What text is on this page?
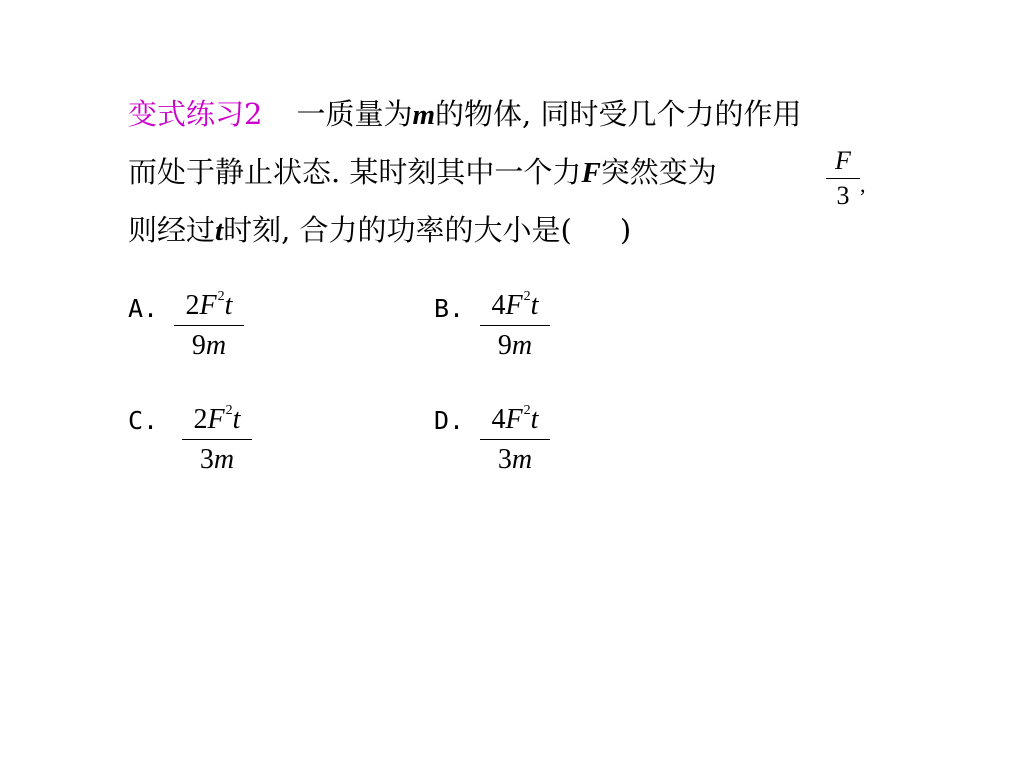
变式练习2 一质量为m的物体, 同时受几个力的作用
而处于静止状态. 某时刻其中一个力F突然变为	F
3 ,
则经过t时刻, 合力的功率的大小是( )
A. $2F^2t$
9m
B. $4F^2t$
9m
C.	$2F^2t$
3m
D. $4F^2t$
3m
